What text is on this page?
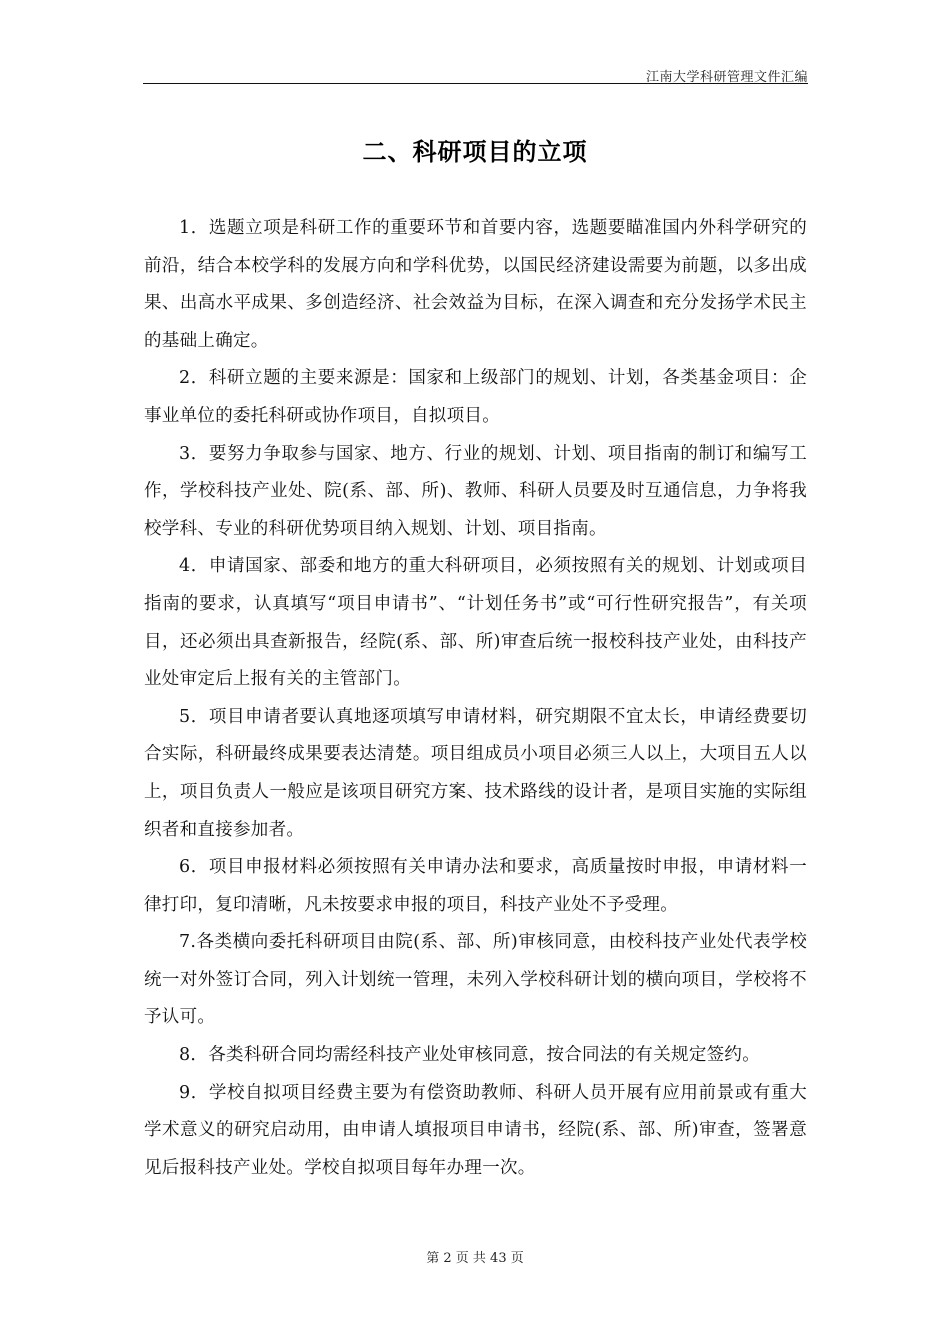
江南大学科研管理文件汇编
二、科研项目的立项

1．选题立项是科研工作的重要环节和首要内容，选题要瞄准国内外科学研究的前沿，结合本校学科的发展方向和学科优势，以国民经济建设需要为前题，以多出成果、出高水平成果、多创造经济、社会效益为目标，在深入调查和充分发扬学术民主的基础上确定。

2．科研立题的主要来源是：国家和上级部门的规划、计划，各类基金项目：企事业单位的委托科研或协作项目，自拟项目。

3．要努力争取参与国家、地方、行业的规划、计划、项目指南的制订和编写工作，学校科技产业处、院(系、部、所)、教师、科研人员要及时互通信息，力争将我校学科、专业的科研优势项目纳入规划、计划、项目指南。

4．申请国家、部委和地方的重大科研项目，必须按照有关的规划、计划或项目指南的要求，认真填写“项目申请书”、“计划任务书”或“可行性研究报告”，有关项目，还必须出具查新报告，经院(系、部、所)审查后统一报校科技产业处，由科技产业处审定后上报有关的主管部门。

5．项目申请者要认真地逐项填写申请材料，研究期限不宜太长，申请经费要切合实际，科研最终成果要表达清楚。项目组成员小项目必须三人以上，大项目五人以上，项目负责人一般应是该项目研究方案、技术路线的设计者，是项目实施的实际组织者和直接参加者。

6．项目申报材料必须按照有关申请办法和要求，高质量按时申报，申请材料一律打印，复印清晰，凡未按要求申报的项目，科技产业处不予受理。

7.各类横向委托科研项目由院(系、部、所)审核同意，由校科技产业处代表学校统一对外签订合同，列入计划统一管理，未列入学校科研计划的横向项目，学校将不予认可。

8．各类科研合同均需经科技产业处审核同意，按合同法的有关规定签约。

9．学校自拟项目经费主要为有偿资助教师、科研人员开展有应用前景或有重大学术意义的研究启动用，由申请人填报项目申请书，经院(系、部、所)审查，签署意见后报科技产业处。学校自拟项目每年办理一次。

第 2 页 共 43 页
